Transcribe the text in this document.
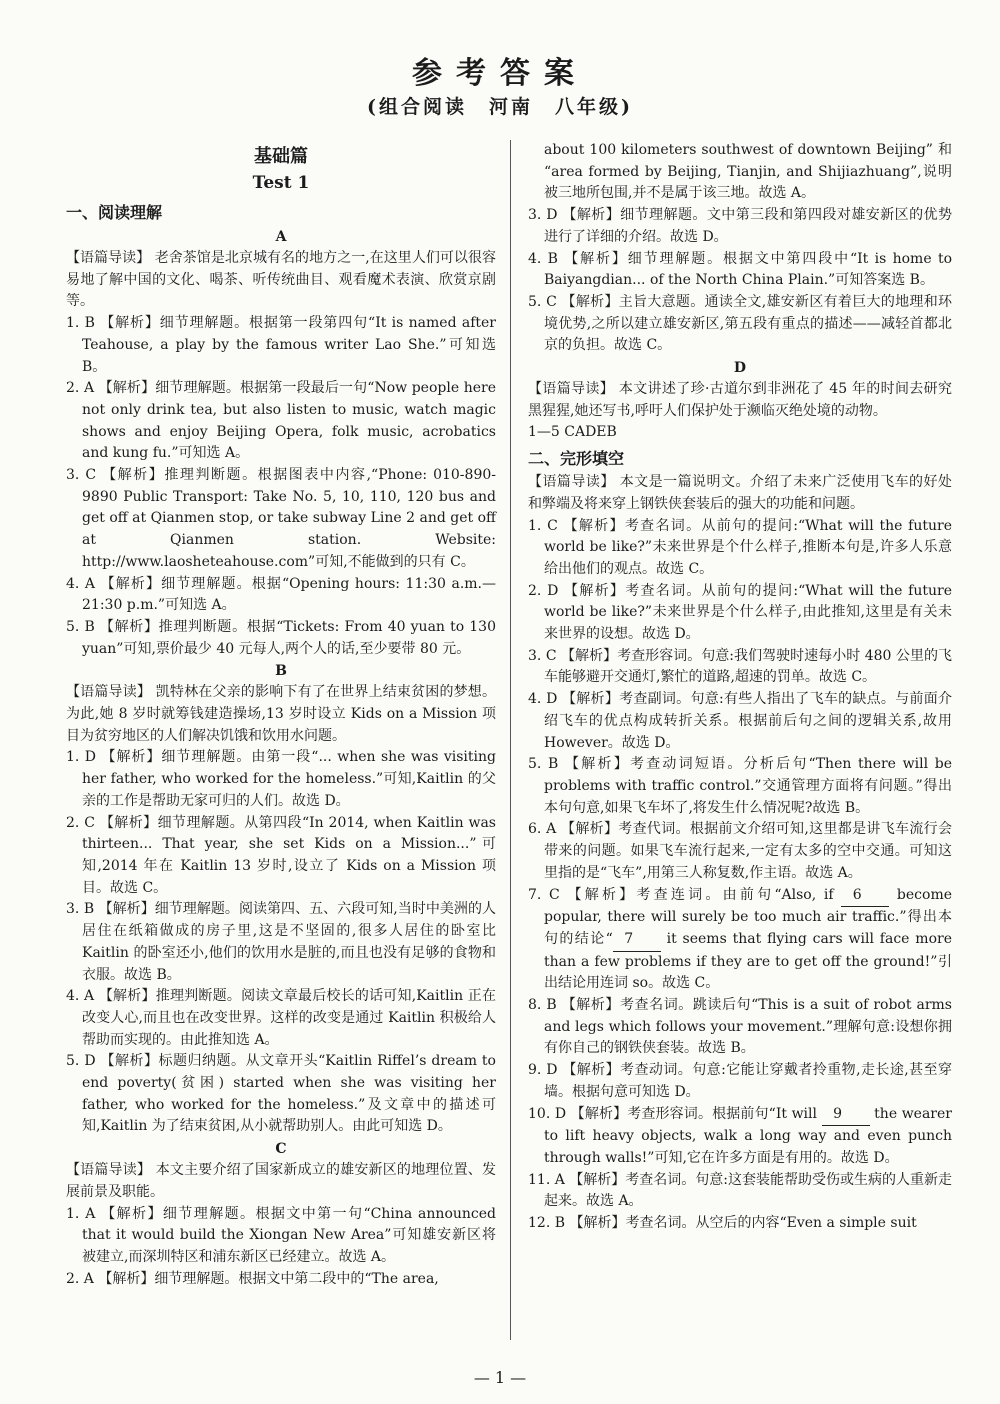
参考答案
(组合阅读　河南　八年级)

基础篇

Test 1

一、阅读理解

A

【语篇导读】 老舍茶馆是北京城有名的地方之一,在这里人们可以很容易地了解中国的文化、喝茶、听传统曲目、观看魔术表演、欣赏京剧等。

1. B 【解析】细节理解题。根据第一段第四句“It is named after Teahouse, a play by the famous writer Lao She.”可知选 B。

2. A 【解析】细节理解题。根据第一段最后一句“Now people here not only drink tea, but also listen to music, watch magic shows and enjoy Beijing Opera, folk music, acrobatics and kung fu.”可知选 A。

3. C 【解析】推理判断题。根据图表中内容,“Phone: 010-890-9890 Public Transport: Take No. 5, 10, 110, 120 bus and get off at Qianmen stop, or take subway Line 2 and get off at Qianmen station. Website: http://www.laosheteahouse.com”可知,不能做到的只有 C。

4. A 【解析】细节理解题。根据“Opening hours: 11:30 a.m.—21:30 p.m.”可知选 A。

5. B 【解析】推理判断题。根据“Tickets: From 40 yuan to 130 yuan”可知,票价最少 40 元每人,两个人的话,至少要带 80 元。

B

【语篇导读】 凯特林在父亲的影响下有了在世界上结束贫困的梦想。为此,她 8 岁时就筹钱建造操场,13 岁时设立 Kids on a Mission 项目为贫穷地区的人们解决饥饿和饮用水问题。

1. D 【解析】细节理解题。由第一段“... when she was visiting her father, who worked for the homeless.”可知,Kaitlin 的父亲的工作是帮助无家可归的人们。故选 D。

2. C 【解析】细节理解题。从第四段“In 2014, when Kaitlin was thirteen... That year, she set Kids on a Mission...”可知,2014 年在 Kaitlin 13 岁时,设立了 Kids on a Mission 项目。故选 C。

3. B 【解析】细节理解题。阅读第四、五、六段可知,当时中美洲的人居住在纸箱做成的房子里,这是不坚固的,很多人居住的卧室比 Kaitlin 的卧室还小,他们的饮用水是脏的,而且也没有足够的食物和衣服。故选 B。

4. A 【解析】推理判断题。阅读文章最后校长的话可知,Kaitlin 正在改变人心,而且也在改变世界。这样的改变是通过 Kaitlin 积极给人帮助而实现的。由此推知选 A。

5. D 【解析】标题归纳题。从文章开头“Kaitlin Riffel’s dream to end poverty(贫困) started when she was visiting her father, who worked for the homeless.”及文章中的描述可知,Kaitlin 为了结束贫困,从小就帮助别人。由此可知选 D。

C

【语篇导读】 本文主要介绍了国家新成立的雄安新区的地理位置、发展前景及职能。

1. A 【解析】细节理解题。根据文中第一句“China announced that it would build the Xiongan New Area”可知雄安新区将被建立,而深圳特区和浦东新区已经建立。故选 A。

2. A 【解析】细节理解题。根据文中第二段中的“The area,

about 100 kilometers southwest of downtown Beijing” 和 “area formed by Beijing, Tianjin, and Shijiazhuang”,说明被三地所包围,并不是属于该三地。故选 A。

3. D 【解析】细节理解题。文中第三段和第四段对雄安新区的优势进行了详细的介绍。故选 D。

4. B 【解析】细节理解题。根据文中第四段中“It is home to Baiyangdian... of the North China Plain.”可知答案选 B。

5. C 【解析】主旨大意题。通读全文,雄安新区有着巨大的地理和环境优势,之所以建立雄安新区,第五段有重点的描述——减轻首都北京的负担。故选 C。

D

【语篇导读】 本文讲述了珍·古道尔到非洲花了 45 年的时间去研究黑猩猩,她还写书,呼吁人们保护处于濒临灭绝处境的动物。

1—5 CADEB

二、完形填空

【语篇导读】 本文是一篇说明文。介绍了未来广泛使用飞车的好处和弊端及将来穿上钢铁侠套装后的强大的功能和问题。

1. C 【解析】考查名词。从前句的提问:“What will the future world be like?”未来世界是个什么样子,推断本句是,许多人乐意给出他们的观点。故选 C。

2. D 【解析】考查名词。从前句的提问:“What will the future world be like?”未来世界是个什么样子,由此推知,这里是有关未来世界的设想。故选 D。

3. C 【解析】考查形容词。句意:我们驾驶时速每小时 480 公里的飞车能够避开交通灯,繁忙的道路,超速的罚单。故选 C。

4. D 【解析】考查副词。句意:有些人指出了飞车的缺点。与前面介绍飞车的优点构成转折关系。根据前后句之间的逻辑关系,故用 However。故选 D。

5. B 【解析】考查动词短语。分析后句“Then there will be problems with traffic control.”交通管理方面将有问题。”得出本句句意,如果飞车坏了,将发生什么情况呢?故选 B。

6. A 【解析】考查代词。根据前文介绍可知,这里都是讲飞车流行会带来的问题。如果飞车流行起来,一定有太多的空中交通。可知这里指的是“飞车”,用第三人称复数,作主语。故选 A。

7. C 【解析】考查连词。由前句“Also, if 6 become popular, there will surely be too much air traffic.”得出本句的结论“ 7 it seems that flying cars will face more than a few problems if they are to get off the ground!”引出结论用连词 so。故选 C。

8. B 【解析】考查名词。跳读后句“This is a suit of robot arms and legs which follows your movement.”理解句意:设想你拥有你自己的钢铁侠套装。故选 B。

9. D 【解析】考查动词。句意:它能让穿戴者拎重物,走长途,甚至穿墙。根据句意可知选 D。

10. D 【解析】考查形容词。根据前句“It will 9 the wearer to lift heavy objects, walk a long way and even punch through walls!”可知,它在许多方面是有用的。故选 D。

11. A 【解析】考查名词。句意:这套装能帮助受伤或生病的人重新走起来。故选 A。

12. B 【解析】考查名词。从空后的内容“Even a simple suit

— 1 —
